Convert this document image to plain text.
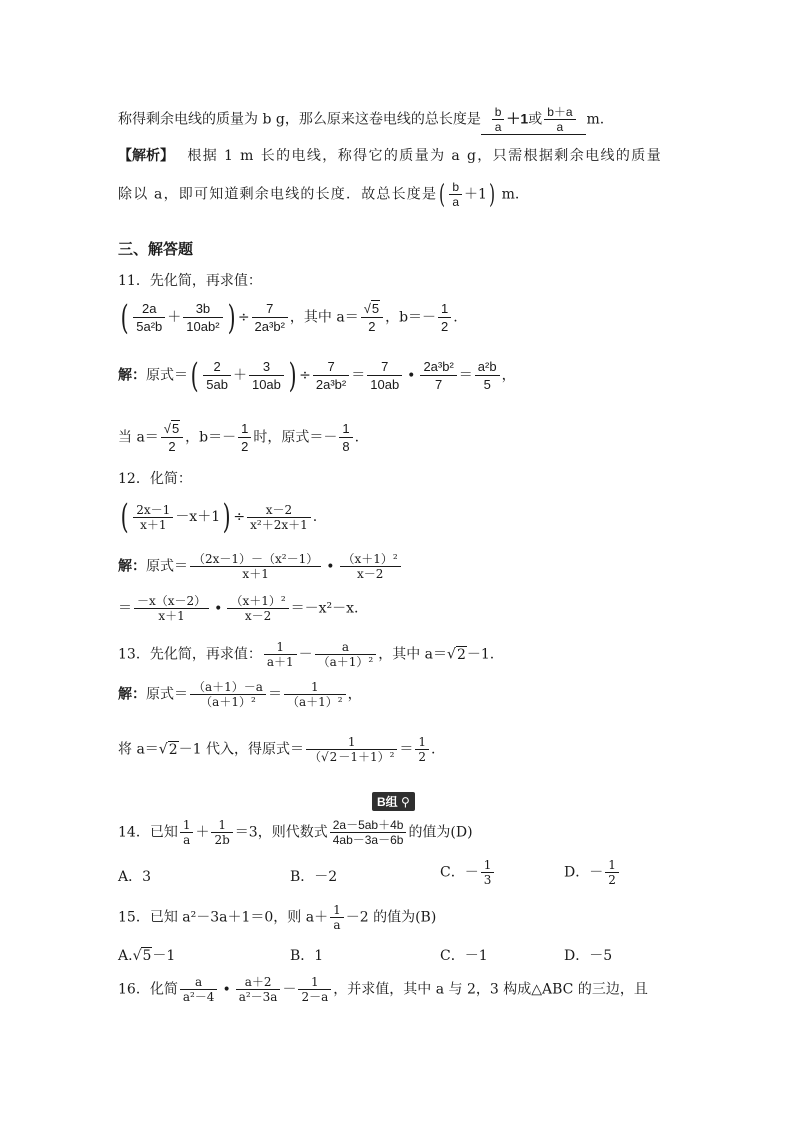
称得剩余电线的质量为 b g，那么原来这卷电线的总长度是 $\frac{b}{a} +1$或 $\frac{b+a}{a} m$.
【解析】 根据 1 m 长的电线，称得它的质量为 a g，只需根据剩余电线的质量
除以 a，即可知道剩余电线的长度．故总长度是( $\frac{b}{a} +1$) m.
三、解答题
11．先化简，再求值：
( $\frac{2a}{\text{5a²b}} + \frac{3b}{\text{10ab²}}$ ) ÷ $\frac{7}{\text{2a³b²}}$ ，其中 $a= \frac{√5}{2}$ ，$b=- \frac{1}{2}$ .
解：原式＝( $\frac{2}{5ab} + \frac{3}{10ab}$ ) ÷ $\frac{7}{\text{2a³b²}} = \frac{7}{10ab}$ • $\frac{\text{2a³b²}}{7} = \frac{\text{a²b}}{5}$ ，
当 $a= \frac{√5}{2}$ ，$b=- \frac{1}{2}$ 时，原式＝－ $\frac{1}{8}$ .
12．化简：
( $\frac{2x-1}{x+1} -x+1) \div \frac{x-2}{\text{x²＋2x＋1}}$ .
解：原式＝ $\frac{\text{（2x－1）－（x²－1）}}{x+1}$ • $\frac{\text{（x＋1）²}}{x-2}$
＝ $\frac{-x(x-2)}{x+1}$ • $\frac{\text{（x＋1）²}}{x-2} =-x^2-x$.
13．先化简，再求值： $\frac{1}{a+1} - \frac{a}{\text{（a＋1）²}}$ ，其中 a＝√2－1.
解：原式＝ $\frac{(a+1)-a}{\text{（a＋1）²}} = \frac{1}{\text{（a＋1）²}}$ ，
将 a＝√2－1 代入，得原式＝ $\frac{1}{\text{（√2－1＋1）²}} = \frac{1}{2}$ .
B组 ⚲
14．已知 $\frac{1}{a} + \frac{1}{2b} =3$，则代数式 $\frac{2a-5ab+4b}{4ab-3a-6b}$ 的值为(D)
A．3	B．－2	C．－ $\frac{1}{3}$	D．－ $\frac{1}{2}$
15．已知 a²－3a＋1＝0，则 $a+ \frac{1}{a} -2$ 的值为(B)
A.√5－1	B．1	C．－1	D．－5
16．化简 $\frac{a}{\text{a²－4}}$ • $\frac{a+2}{\text{a²－3a}} - \frac{1}{2-a}$ ，并求值，其中 a 与 2，3 构成△ABC 的三边，且
